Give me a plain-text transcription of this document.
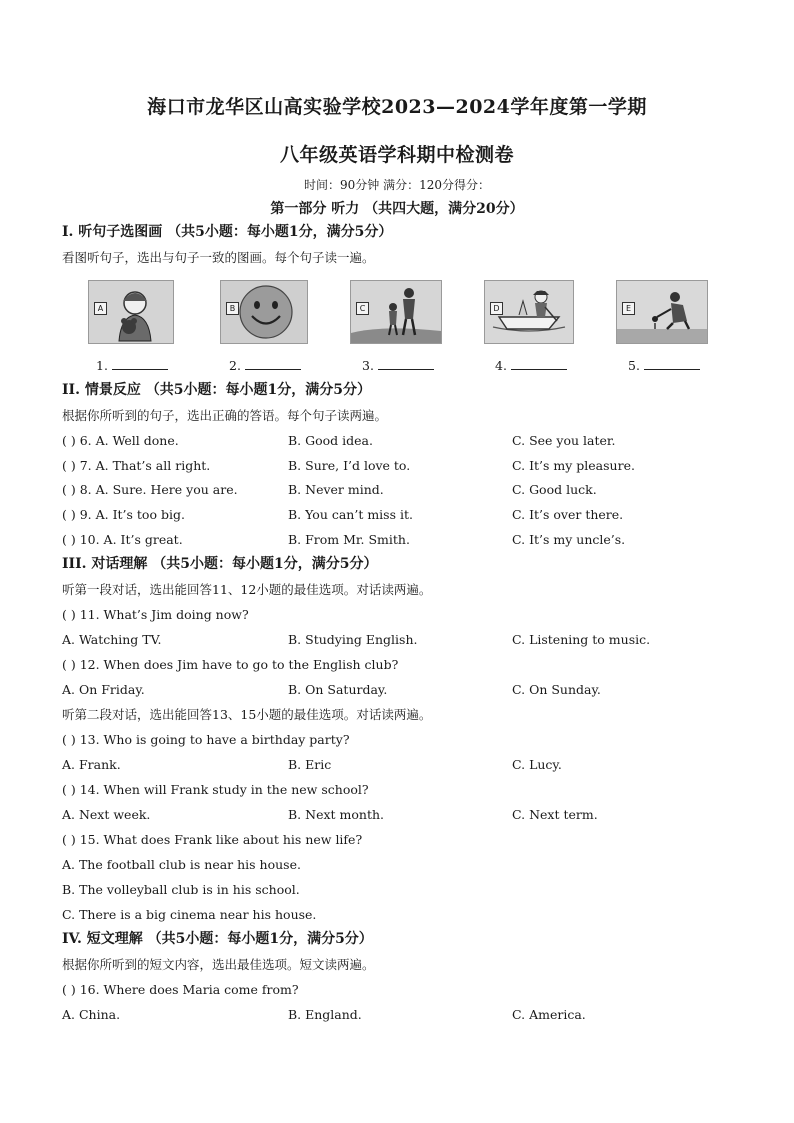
海口市龙华区山高实验学校2023—2024学年度第一学期
八年级英语学科期中检测卷
时间：90分钟 满分：120分得分：
第一部分 听力 （共四大题，满分20分）
I. 听句子选图画 （共5小题：每小题1分，满分5分）
看图听句子，选出与句子一致的图画。每个句子读一遍。
A	B	C	D	E
1.	2.	3.	4.	5.
II. 情景反应 （共5小题：每小题1分，满分5分）
根据你所听到的句子，选出正确的答语。每个句子读两遍。
( ) 6. A. Well done.	B. Good idea.	C. See you later.
( ) 7. A. That’s all right.	B. Sure, I’d love to.	C. It’s my pleasure.
( ) 8. A. Sure. Here you are.	B. Never mind.	C. Good luck.
( ) 9. A. It’s too big.	B. You can’t miss it.	C. It’s over there.
( ) 10. A. It’s great.	B. From Mr. Smith.	C. It’s my uncle’s.
III. 对话理解 （共5小题：每小题1分，满分5分）
听第一段对话，选出能回答11、12小题的最佳选项。对话读两遍。
( ) 11. What’s Jim doing now?
A. Watching TV.	B. Studying English.	C. Listening to music.
( ) 12. When does Jim have to go to the English club?
A. On Friday.	B. On Saturday.	C. On Sunday.
听第二段对话，选出能回答13、15小题的最佳选项。对话读两遍。
( ) 13. Who is going to have a birthday party?
A. Frank.	B. Eric	C. Lucy.
( ) 14. When will Frank study in the new school?
A. Next week.	B. Next month.	C. Next term.
( ) 15. What does Frank like about his new life?
A. The football club is near his house.
B. The volleyball club is in his school.
C. There is a big cinema near his house.
IV. 短文理解 （共5小题：每小题1分，满分5分）
根据你所听到的短文内容，选出最佳选项。短文读两遍。
( ) 16. Where does Maria come from?
A. China.	B. England.	C. America.
